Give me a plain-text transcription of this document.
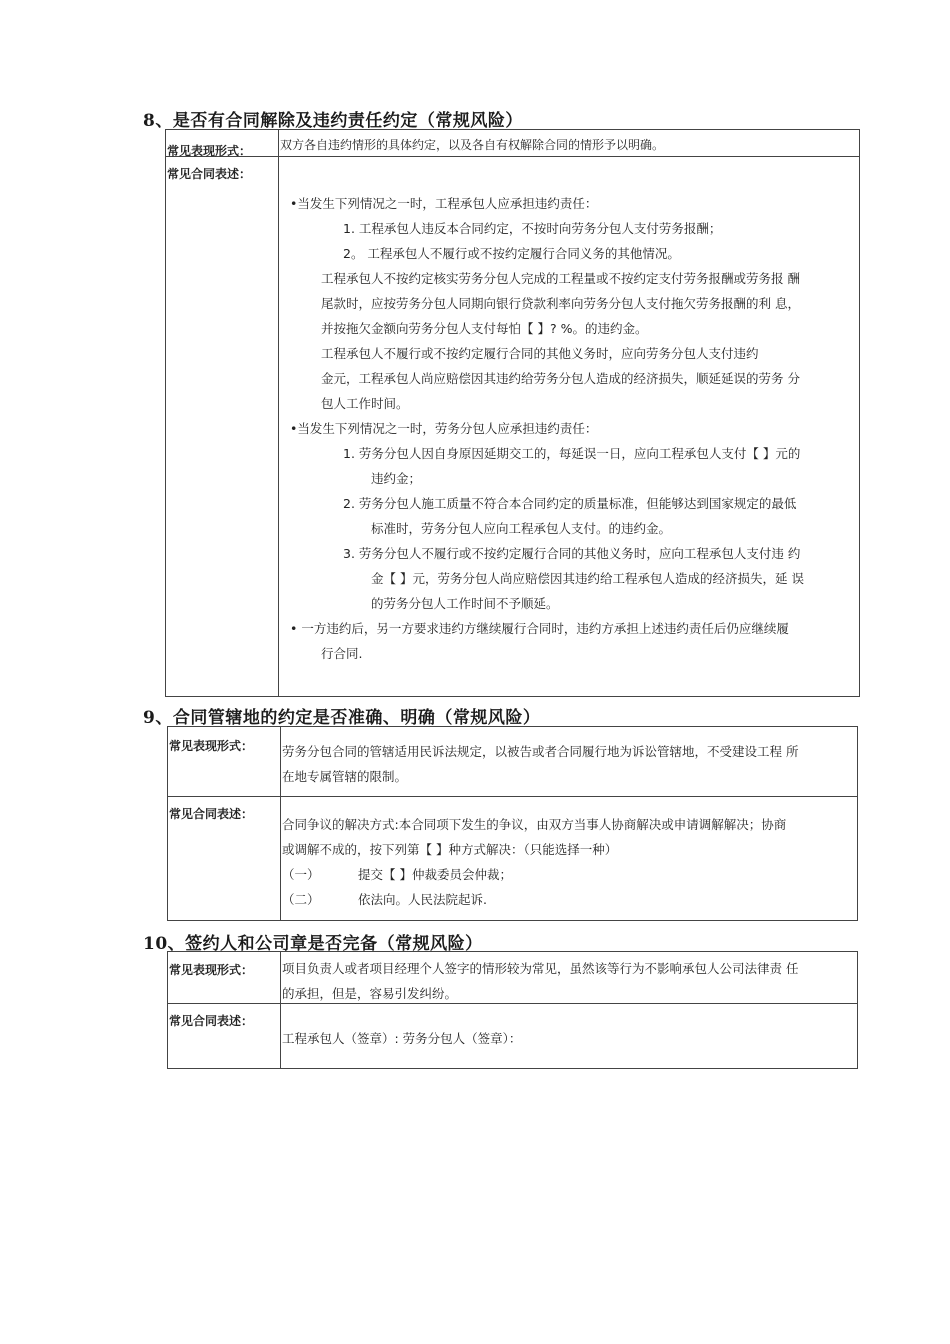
8、是否有合同解除及违约责任约定（常规风险）
常见表现形式： 双方各自违约情形的具体约定，以及各自有权解除合同的情形予以明确。
常见合同表述：
•当发生下列情况之一时，工程承包人应承担违约责任：
1. 工程承包人违反本合同约定，不按时向劳务分包人支付劳务报酬；
2。 工程承包人不履行或不按约定履行合同义务的其他情况。
工程承包人不按约定核实劳务分包人完成的工程量或不按约定支付劳务报酬或劳务报 酬
尾款时，应按劳务分包人同期向银行贷款利率向劳务分包人支付拖欠劳务报酬的利 息，
并按拖欠金额向劳务分包人支付每怕【 】? %。的违约金。
工程承包人不履行或不按约定履行合同的其他义务时，应向劳务分包人支付违约
金元，工程承包人尚应赔偿因其违约给劳务分包人造成的经济损失，顺延延误的劳务 分
包人工作时间。
•当发生下列情况之一时，劳务分包人应承担违约责任：
1. 劳务分包人因自身原因延期交工的，每延误一日，应向工程承包人支付【 】元的
违约金；
2. 劳务分包人施工质量不符合本合同约定的质量标准，但能够达到国家规定的最低
标准时，劳务分包人应向工程承包人支付。的违约金。
3. 劳务分包人不履行或不按约定履行合同的其他义务时，应向工程承包人支付违 约
金【 】元，劳务分包人尚应赔偿因其违约给工程承包人造成的经济损失，延 误
的劳务分包人工作时间不予顺延。
• 一方违约后，另一方要求违约方继续履行合同时，违约方承担上述违约责任后仍应继续履
行合同.
9、合同管辖地的约定是否准确、明确（常规风险）
常见表现形式： 劳务分包合同的管辖适用民诉法规定，以被告或者合同履行地为诉讼管辖地，不受建设工程 所
在地专属管辖的限制。
常见合同表述：
合同争议的解决方式:本合同项下发生的争议，由双方当事人协商解决或申请调解解决；协商
或调解不成的，按下列第【 】种方式解决：（只能选择一种）
（一）	提交【 】仲裁委员会仲裁；
（二）	依法向。人民法院起诉.
10、签约人和公司章是否完备（常规风险）
常见表现形式： 项目负责人或者项目经理个人签字的情形较为常见，虽然该等行为不影响承包人公司法律责 任
的承担，但是，容易引发纠纷。
常见合同表述：
工程承包人（签章）: 劳务分包人（签章）：
